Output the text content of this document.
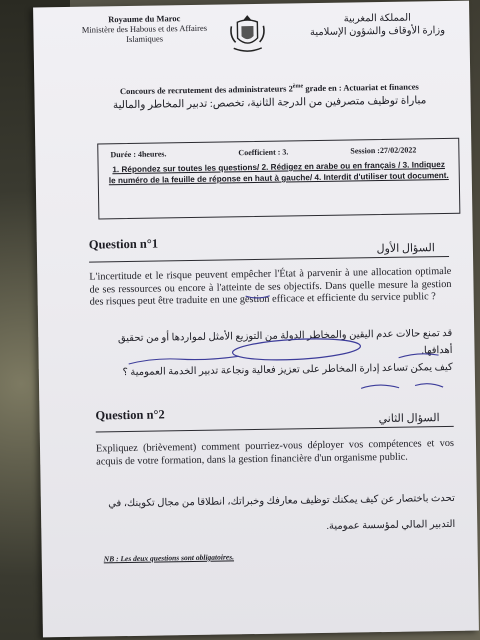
Royaume du Maroc
Ministère des Habous et des Affaires
Islamiques
المملكة المغربية
وزارة الأوقاف والشؤون الإسلامية
Concours de recrutement des administrateurs 2ème grade en : Actuariat et finances
مباراة توظيف متصرفين من الدرجة الثانية، تخصص: تدبير المخاطر والمالية
Durée : 4heures.	Coefficient : 3.	Session :27/02/2022
1. Répondez sur toutes les questions/ 2. Rédigez en arabe ou en français / 3. Indiquez le numéro de la feuille de réponse en haut à gauche/ 4. Interdit d'utiliser tout document.
Question n°1	السؤال الأول
L'incertitude et le risque peuvent empêcher l'État à parvenir à une allocation optimale de ses ressources ou encore à l'atteinte de ses objectifs. Dans quelle mesure la gestion des risques peut être traduite en une gestion efficace et efficiente du service public ?
قد تمنع حالات عدم اليقين والمخاطر الدولة من التوزيع الأمثل لمواردها أو من تحقيق أهدافها.
كيف يمكن تساعد إدارة المخاطر على تعزيز فعالية ونجاعة تدبير الخدمة العمومية ؟
Question n°2	السؤال الثاني
Expliquez (brièvement) comment pourriez-vous déployer vos compétences et vos acquis de votre formation, dans la gestion financière d'un organisme public.
تحدث باختصار عن كيف يمكنك توظيف معارفك وخبراتك، انطلاقا من مجال تكوينك، في
التدبير المالي لمؤسسة عمومية.
NB : Les deux questions sont obligatoires.
